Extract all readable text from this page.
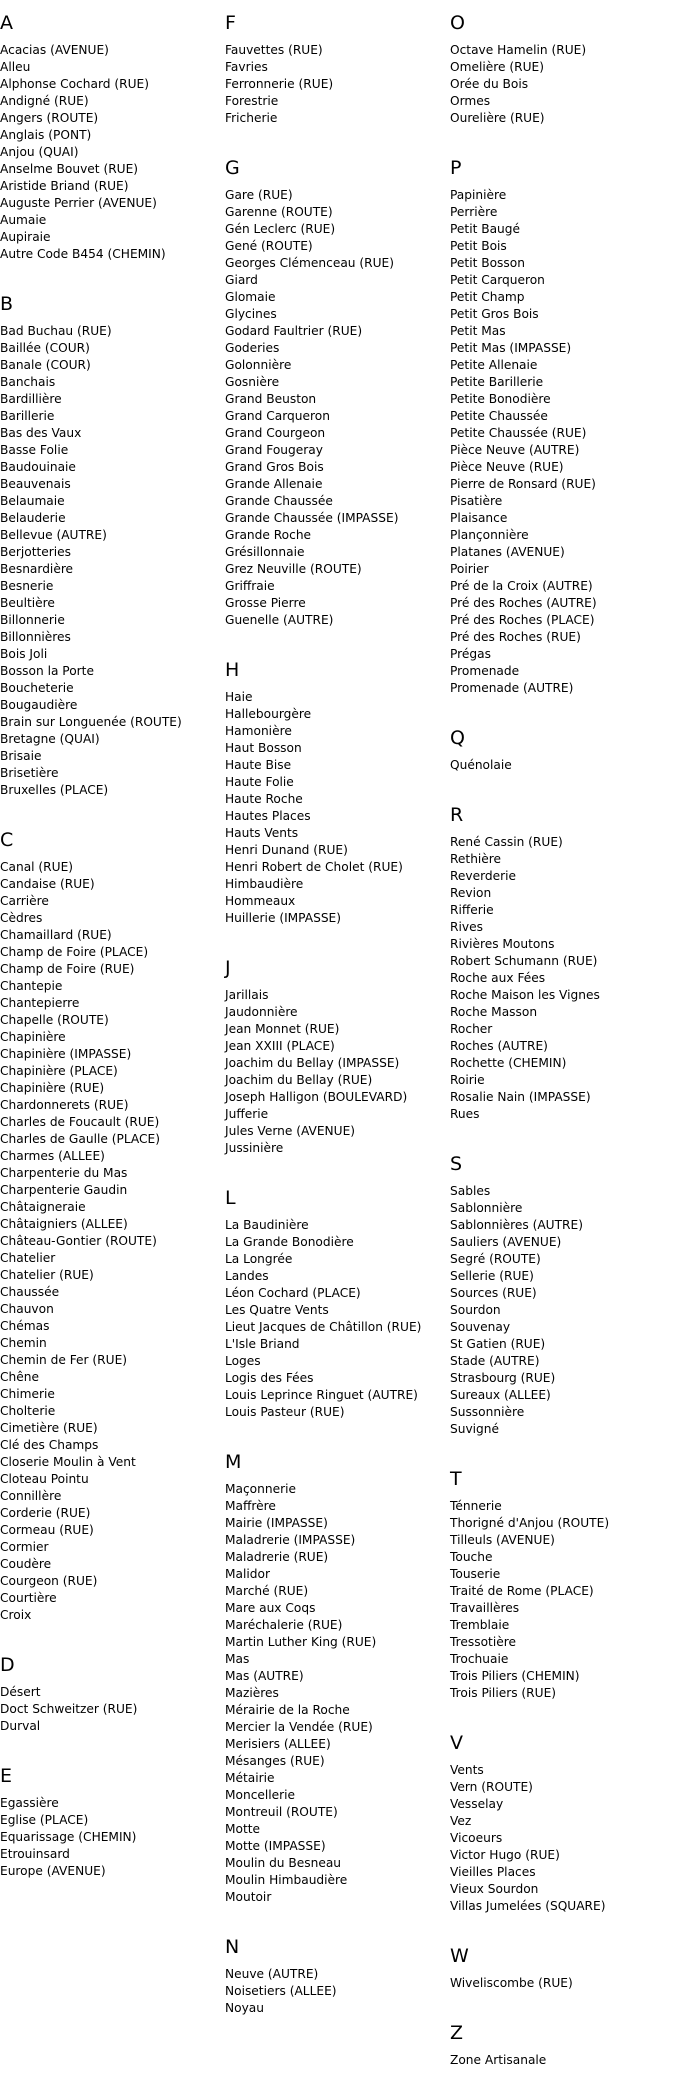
A
Acacias (AVENUE)
Alleu
Alphonse Cochard (RUE)
Andigné (RUE)
Angers (ROUTE)
Anglais (PONT)
Anjou (QUAI)
Anselme Bouvet (RUE)
Aristide Briand (RUE)
Auguste Perrier (AVENUE)
Aumaie
Aupiraie
Autre Code B454 (CHEMIN)
B
Bad Buchau (RUE)
Baillée (COUR)
Banale (COUR)
Banchais
Bardillière
Barillerie
Bas des Vaux
Basse Folie
Baudouinaie
Beauvenais
Belaumaie
Belauderie
Bellevue (AUTRE)
Berjotteries
Besnardière
Besnerie
Beultière
Billonnerie
Billonnières
Bois Joli
Bosson la Porte
Boucheterie
Bougaudière
Brain sur Longuenée (ROUTE)
Bretagne (QUAI)
Brisaie
Brisetière
Bruxelles (PLACE)
C
Canal (RUE)
Candaise (RUE)
Carrière
Cèdres
Chamaillard (RUE)
Champ de Foire (PLACE)
Champ de Foire (RUE)
Chantepie
Chantepierre
Chapelle (ROUTE)
Chapinière
Chapinière (IMPASSE)
Chapinière (PLACE)
Chapinière (RUE)
Chardonnerets (RUE)
Charles de Foucault (RUE)
Charles de Gaulle (PLACE)
Charmes (ALLEE)
Charpenterie du Mas
Charpenterie Gaudin
Châtaigneraie
Châtaigniers (ALLEE)
Château-Gontier (ROUTE)
Chatelier
Chatelier (RUE)
Chaussée
Chauvon
Chémas
Chemin
Chemin de Fer (RUE)
Chêne
Chimerie
Cholterie
Cimetière (RUE)
Clé des Champs
Closerie Moulin à Vent
Cloteau Pointu
Connillère
Corderie (RUE)
Cormeau (RUE)
Cormier
Coudère
Courgeon (RUE)
Courtière
Croix
D
Désert
Doct Schweitzer (RUE)
Durval
E
Egassière
Eglise (PLACE)
Equarissage (CHEMIN)
Etrouinsard
Europe (AVENUE)
F
Fauvettes (RUE)
Favries
Ferronnerie (RUE)
Forestrie
Fricherie
G
Gare (RUE)
Garenne (ROUTE)
Gén Leclerc (RUE)
Gené (ROUTE)
Georges Clémenceau (RUE)
Giard
Glomaie
Glycines
Godard Faultrier (RUE)
Goderies
Golonnière
Gosnière
Grand Beuston
Grand Carqueron
Grand Courgeon
Grand Fougeray
Grand Gros Bois
Grande Allenaie
Grande Chaussée
Grande Chaussée (IMPASSE)
Grande Roche
Grésillonnaie
Grez Neuville (ROUTE)
Griffraie
Grosse Pierre
Guenelle (AUTRE)
H
Haie
Hallebourgère
Hamonière
Haut Bosson
Haute Bise
Haute Folie
Haute Roche
Hautes Places
Hauts Vents
Henri Dunand (RUE)
Henri Robert de Cholet (RUE)
Himbaudière
Hommeaux
Huillerie (IMPASSE)
J
Jarillais
Jaudonnière
Jean Monnet (RUE)
Jean XXIII (PLACE)
Joachim du Bellay (IMPASSE)
Joachim du Bellay (RUE)
Joseph Halligon (BOULEVARD)
Jufferie
Jules Verne (AVENUE)
Jussinière
L
La Baudinière
La Grande Bonodière
La Longrée
Landes
Léon Cochard (PLACE)
Les Quatre Vents
Lieut Jacques de Châtillon (RUE)
L'Isle Briand
Loges
Logis des Fées
Louis Leprince Ringuet (AUTRE)
Louis Pasteur (RUE)
M
Maçonnerie
Maffrère
Mairie (IMPASSE)
Maladrerie (IMPASSE)
Maladrerie (RUE)
Malidor
Marché (RUE)
Mare aux Coqs
Maréchalerie (RUE)
Martin Luther King (RUE)
Mas
Mas (AUTRE)
Mazières
Mérairie de la Roche
Mercier la Vendée (RUE)
Merisiers (ALLEE)
Mésanges (RUE)
Métairie
Moncellerie
Montreuil (ROUTE)
Motte
Motte (IMPASSE)
Moulin du Besneau
Moulin Himbaudière
Moutoir
N
Neuve (AUTRE)
Noisetiers (ALLEE)
Noyau
O
Octave Hamelin (RUE)
Omelière (RUE)
Orée du Bois
Ormes
Ourelière (RUE)
P
Papinière
Perrière
Petit Baugé
Petit Bois
Petit Bosson
Petit Carqueron
Petit Champ
Petit Gros Bois
Petit Mas
Petit Mas (IMPASSE)
Petite Allenaie
Petite Barillerie
Petite Bonodière
Petite Chaussée
Petite Chaussée (RUE)
Pièce Neuve (AUTRE)
Pièce Neuve (RUE)
Pierre de Ronsard (RUE)
Pisatière
Plaisance
Plançonnière
Platanes (AVENUE)
Poirier
Pré de la Croix (AUTRE)
Pré des Roches (AUTRE)
Pré des Roches (PLACE)
Pré des Roches (RUE)
Prégas
Promenade
Promenade (AUTRE)
Q
Quénolaie
R
René Cassin (RUE)
Rethière
Reverderie
Revion
Rifferie
Rives
Rivières Moutons
Robert Schumann (RUE)
Roche aux Fées
Roche Maison les Vignes
Roche Masson
Rocher
Roches (AUTRE)
Rochette (CHEMIN)
Roirie
Rosalie Nain (IMPASSE)
Rues
S
Sables
Sablonnière
Sablonnières (AUTRE)
Sauliers (AVENUE)
Segré (ROUTE)
Sellerie (RUE)
Sources (RUE)
Sourdon
Souvenay
St Gatien (RUE)
Stade (AUTRE)
Strasbourg (RUE)
Sureaux (ALLEE)
Sussonnière
Suvigné
T
Ténnerie
Thorigné d'Anjou (ROUTE)
Tilleuls (AVENUE)
Touche
Touserie
Traité de Rome (PLACE)
Travaillères
Tremblaie
Tressotière
Trochuaie
Trois Piliers (CHEMIN)
Trois Piliers (RUE)
V
Vents
Vern (ROUTE)
Vesselay
Vez
Vicoeurs
Victor Hugo (RUE)
Vieilles Places
Vieux Sourdon
Villas Jumelées (SQUARE)
W
Wiveliscombe (RUE)
Z
Zone Artisanale
